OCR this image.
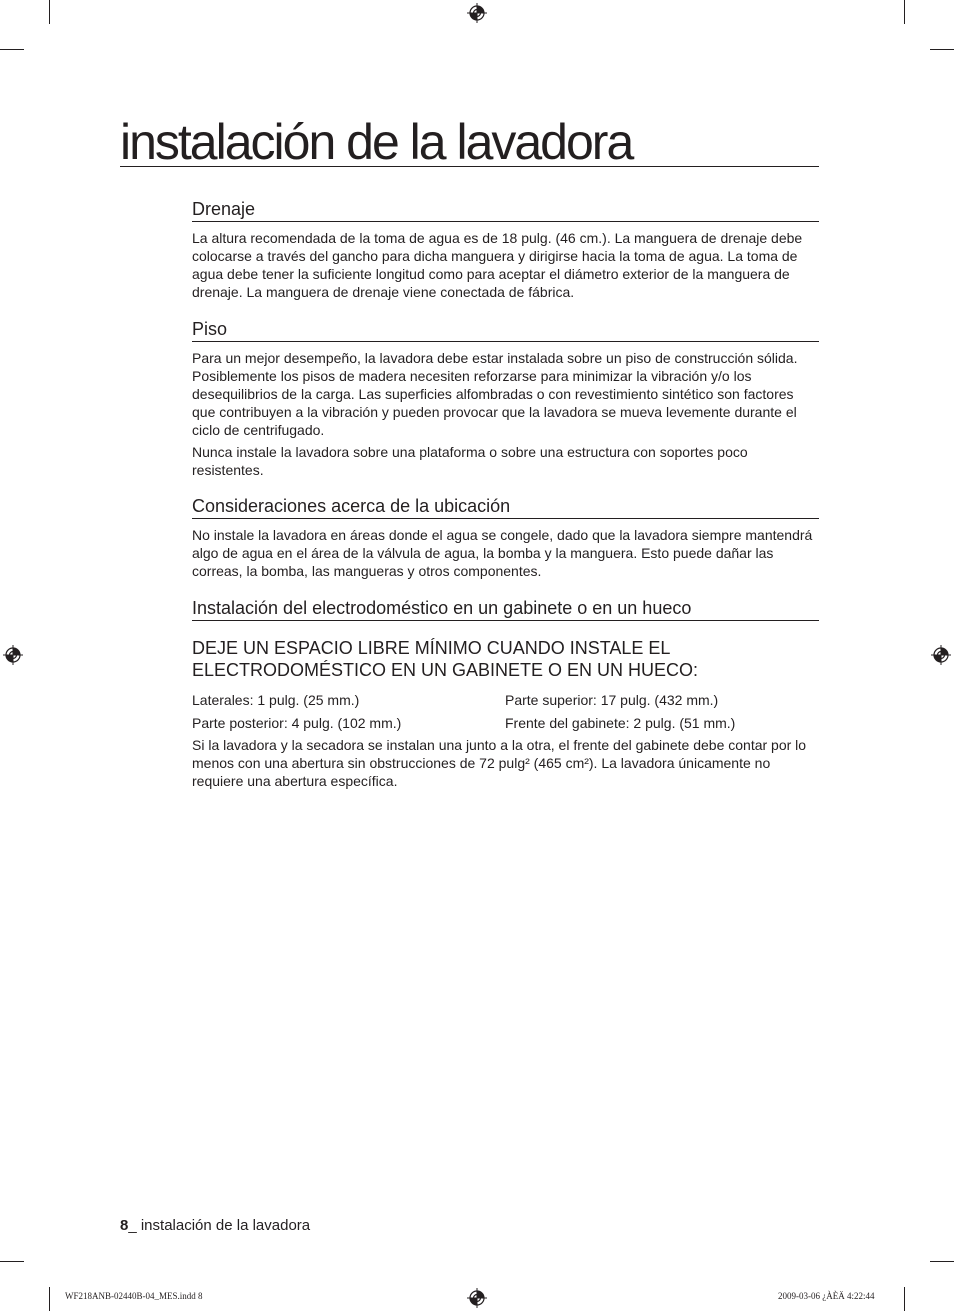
instalación de la lavadora
Drenaje

La altura recomendada de la toma de agua es de 18 pulg. (46 cm.). La manguera de drenaje debe colocarse a través del gancho para dicha manguera y dirigirse hacia la toma de agua. La toma de agua debe tener la suficiente longitud como para aceptar el diámetro exterior de la manguera de drenaje. La manguera de drenaje viene conectada de fábrica.

Piso

Para un mejor desempeño, la lavadora debe estar instalada sobre un piso de construcción sólida. Posiblemente los pisos de madera necesiten reforzarse para minimizar la vibración y/o los desequilibrios de la carga. Las superficies alfombradas o con revestimiento sintético son factores que contribuyen a la vibración y pueden provocar que la lavadora se mueva levemente durante el ciclo de centrifugado.

Nunca instale la lavadora sobre una plataforma o sobre una estructura con soportes poco resistentes.

Consideraciones acerca de la ubicación

No instale la lavadora en áreas donde el agua se congele, dado que la lavadora siempre mantendrá algo de agua en el área de la válvula de agua, la bomba y la manguera. Esto puede dañar las correas, la bomba, las mangueras y otros componentes.

Instalación del electrodoméstico en un gabinete o en un hueco
DEJE UN ESPACIO LIBRE MÍNIMO CUANDO INSTALE EL
ELECTRODOMÉSTICO EN UN GABINETE O EN UN HUECO:
Laterales: 1 pulg. (25 mm.)	Parte superior: 17 pulg. (432 mm.)
Parte posterior: 4 pulg. (102 mm.)	Frente del gabinete: 2 pulg. (51 mm.)

Si la lavadora y la secadora se instalan una junto a la otra, el frente del gabinete debe contar por lo menos con una abertura sin obstrucciones de 72 pulg² (465 cm²). La lavadora únicamente no requiere una abertura específica.

8_ instalación de la lavadora
WF218ANB-02440B-04_MES.indd 8	2009-03-06 ¿ÀÈÄ 4:22:44
